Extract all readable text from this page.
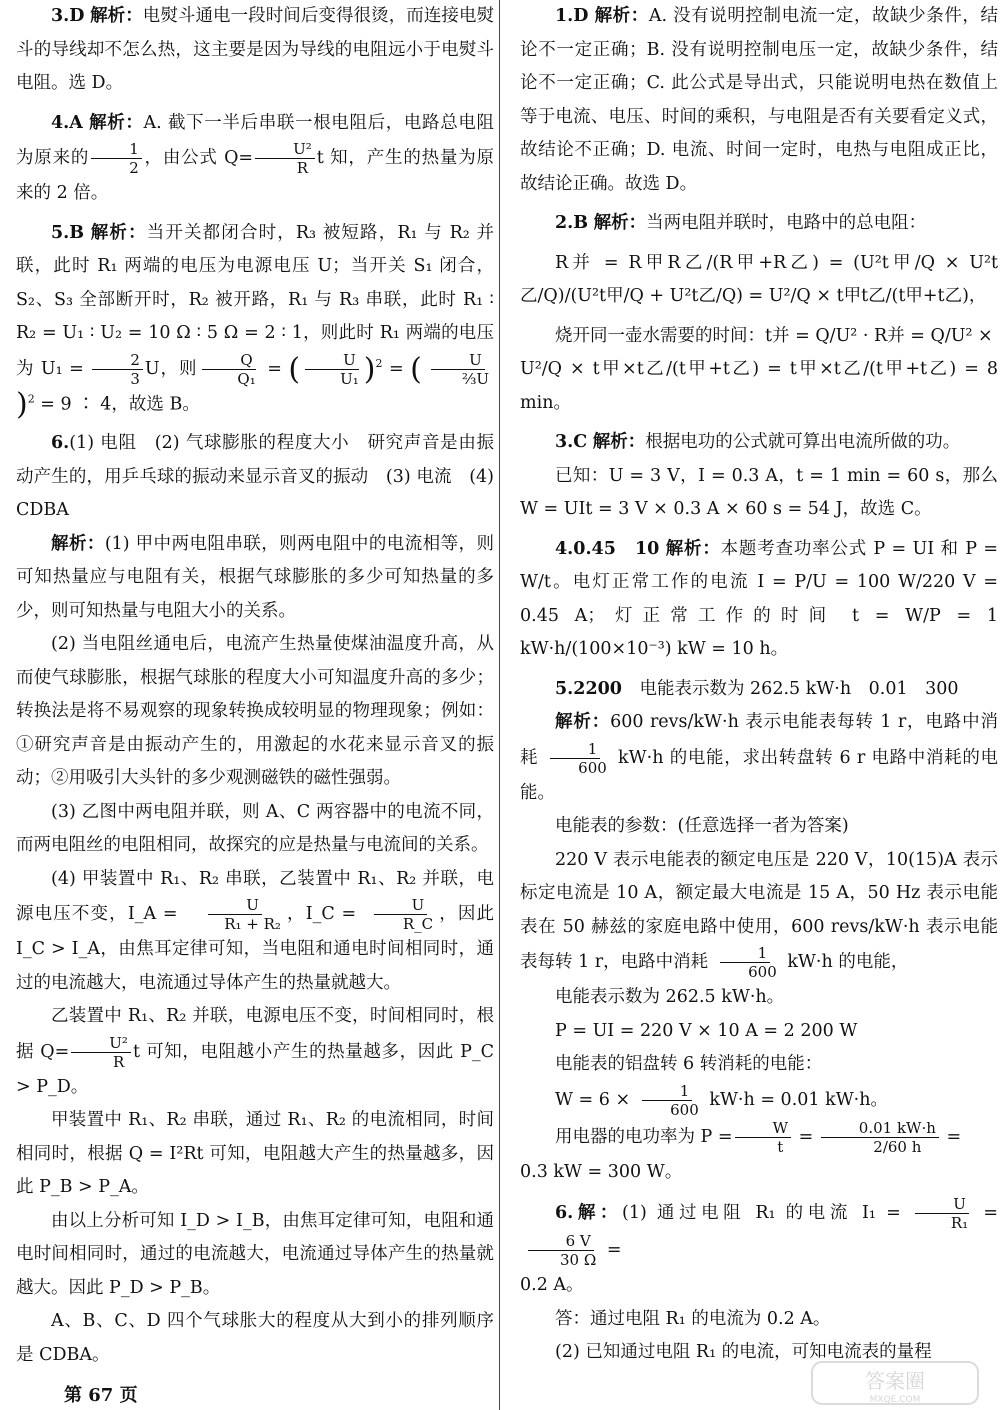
3.D 解析：电熨斗通电一段时间后变得很烫，而连接电熨斗的导线却不怎么热，这主要是因为导线的电阻远小于电熨斗电阻。选 D。

4.A 解析：A. 截下一半后串联一根电阻后，电路总电阻为原来的 $\frac{1}{2}$ ，由公式 $Q= \frac{\text{U²}}{R}$ t 知，产生的热量为原来的 2 倍。

5.B 解析：当开关都闭合时，R₃ 被短路，R₁ 与 R₂ 并联，此时 R₁ 两端的电压为电源电压 U；当开关 S₁ 闭合，S₂、S₃ 全部断开时，R₂ 被开路，R₁ 与 R₃ 串联，此时 R₁ ∶ R₂ = U₁ ∶ U₂ = 10 Ω ∶ 5 Ω = 2 ∶ 1，则此时 R₁ 两端的电压为 $U_1 = \frac{2}{3}$ U，则 $\frac{Q}{\text{Q₁}}$ = ( $\frac{U}{\text{U₁}} )^2$ = ( $\frac{U}{\text{⅔U}}$
)$^2$ = 9 ∶ 4，故选 B。

6.(1) 电阻　(2) 气球膨胀的程度大小　研究声音是由振动产生的，用乒乓球的振动来显示音叉的振动　(3) 电流　(4) CDBA

解析：(1) 甲中两电阻串联，则两电阻中的电流相等，则可知热量应与电阻有关，根据气球膨胀的多少可知热量的多少，则可知热量与电阻大小的关系。

(2) 当电阻丝通电后，电流产生热量使煤油温度升高，从而使气球膨胀，根据气球胀的程度大小可知温度升高的多少；转换法是将不易观察的现象转换成较明显的物理现象；例如：①研究声音是由振动产生的，用激起的水花来显示音叉的振动；②用吸引大头针的多少观测磁铁的磁性强弱。

(3) 乙图中两电阻并联，则 A、C 两容器中的电流不同，而两电阻丝的电阻相同，故探究的应是热量与电流间的关系。

(4) 甲装置中 R₁、R₂ 串联，乙装置中 R₁、R₂ 并联，电源电压不变，I_A = $\frac{U}{\text{R₁ + R₂}}$ ，I_C = $\frac{U}{R\_C}$ ，因此 I_C > I_A，由焦耳定律可知，当电阻和通电时间相同时，通过的电流越大，电流通过导体产生的热量就越大。

乙装置中 R₁、R₂ 并联，电源电压不变，时间相同时，根据 $Q= \frac{\text{U²}}{R}$ t 可知，电阻越小产生的热量越多，因此 P_C > P_D。

甲装置中 R₁、R₂ 串联，通过 R₁、R₂ 的电流相同，时间相同时，根据 Q = I²Rt 可知，电阻越大产生的热量越多，因此 P_B > P_A。

由以上分析可知 I_D > I_B，由焦耳定律可知，电阻和通电时间相同时，通过的电流越大，电流通过导体产生的热量就越大。因此 P_D > P_B。

A、B、C、D 四个气球胀大的程度从大到小的排列顺序是 CDBA。

1.D 解析：A. 没有说明控制电流一定，故缺少条件，结论不一定正确；B. 没有说明控制电压一定，故缺少条件，结论不一定正确；C. 此公式是导出式，只能说明电热在数值上等于电流、电压、时间的乘积，与电阻是否有关要看定义式，故结论不正确；D. 电流、时间一定时，电热与电阻成正比，故结论正确。故选 D。

2.B 解析：当两电阻并联时，电路中的总电阻：

R并 = R甲R乙/(R甲+R乙) = (U²t甲/Q × U²t乙/Q)/(U²t甲/Q + U²t乙/Q) = U²/Q × t甲t乙/(t甲+t乙)，

烧开同一壶水需要的时间：t并 = Q/U² · R并 = Q/U² ×

U²/Q × t甲×t乙/(t甲+t乙) = t甲×t乙/(t甲+t乙) = 8 min。

3.C 解析：根据电功的公式就可算出电流所做的功。

已知：U = 3 V，I = 0.3 A，t = 1 min = 60 s，那么 W = UIt = 3 V × 0.3 A × 60 s = 54 J，故选 C。

4.0.45　10 解析：本题考查功率公式 P = UI 和 P = W/t。电灯正常工作的电流 I = P/U = 100 W/220 V = 0.45 A；灯正常工作的时间 t = W/P = 1 kW·h/(100×10⁻³) kW = 10 h。

5.2200　 电能表示数为 262.5 kW·h　0.01　300

解析：600 revs/kW·h 表示电能表每转 1 r，电路中消耗 $\frac{1}{600} kW\cdot h$ 的电能，求出转盘转 6 r 电路中消耗的电能。

电能表的参数：(任意选择一者为答案)

220 V 表示电能表的额定电压是 220 V，10(15)A 表示标定电流是 10 A，额定最大电流是 15 A，50 Hz 表示电能表在 50 赫兹的家庭电路中使用，600 revs/kW·h 表示电能表每转 1 r，电路中消耗 $\frac{1}{600} kW\cdot h$ 的电能，

电能表示数为 262.5 kW·h。

P = UI = 220 V × 10 A = 2 200 W

电能表的铝盘转 6 转消耗的电能：

$W = 6 \times \frac{1}{600} kW\cdot h = 0.01$ kW·h。

用电器的电功率为 $P = \frac{W}{t} = \frac{0.01 kW\cdot h}{2/60 h}$ =

0.3 kW = 300 W。

6.解：(1) 通过电阻 R₁ 的电流 $I_1 = \frac{U}{\text{R₁}}$ =
$\frac{6 V}{30 \Omega}$ =

0.2 A。

答：通过电阻 R₁ 的电流为 0.2 A。

(2) 已知通过电阻 R₁ 的电流，可知电流表的量程

第 67 页
答案圈
MXQE.COM
